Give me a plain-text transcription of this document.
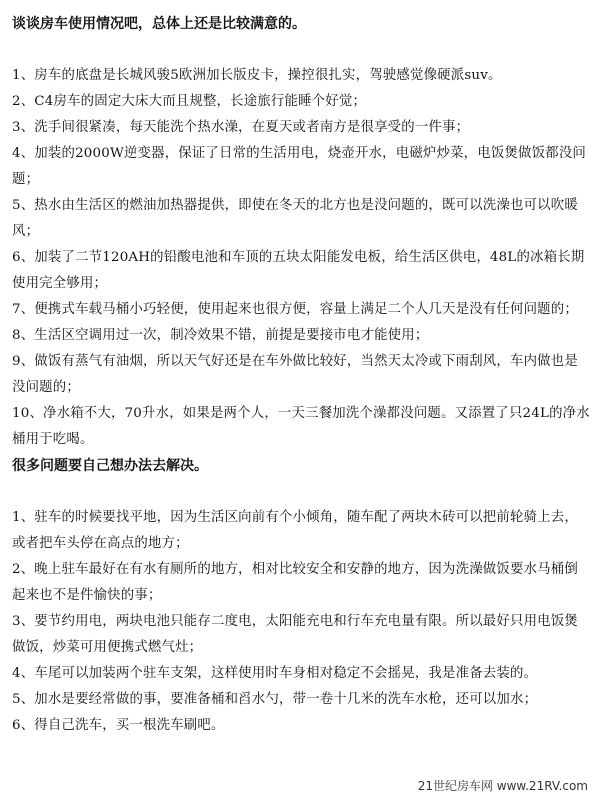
谈谈房车使用情况吧，总体上还是比较满意的。

1、房车的底盘是长城风骏5欧洲加长版皮卡，操控很扎实，驾驶感觉像硬派suv。
2、C4房车的固定大床大而且规整，长途旅行能睡个好觉；
3、洗手间很紧凑，每天能洗个热水澡，在夏天或者南方是很享受的一件事；
4、加装的2000W逆变器，保证了日常的生活用电，烧壶开水，电磁炉炒菜，电饭煲做饭都没问题；
5、热水由生活区的燃油加热器提供，即使在冬天的北方也是没问题的，既可以洗澡也可以吹暖风；
6、加装了二节120AH的铅酸电池和车顶的五块太阳能发电板，给生活区供电，48L的冰箱长期使用完全够用；
7、便携式车载马桶小巧轻便，使用起来也很方便，容量上满足二个人几天是没有任何问题的；
8、生活区空调用过一次，制冷效果不错，前提是要接市电才能使用；
9、做饭有蒸气有油烟，所以天气好还是在车外做比较好，当然天太冷或下雨刮风，车内做也是没问题的；
10、净水箱不大，70升水，如果是两个人，一天三餐加洗个澡都没问题。又添置了只24L的净水桶用于吃喝。

很多问题要自己想办法去解决。

1、驻车的时候要找平地，因为生活区向前有个小倾角，随车配了两块木砖可以把前轮骑上去，或者把车头停在高点的地方；
2、晚上驻车最好在有水有厕所的地方，相对比较安全和安静的地方，因为洗澡做饭要水马桶倒起来也不是件愉快的事；
3、要节约用电，两块电池只能存二度电，太阳能充电和行车充电量有限。所以最好只用电饭煲做饭，炒菜可用便携式燃气灶；
4、车尾可以加装两个驻车支架，这样使用时车身相对稳定不会摇晃，我是准备去装的。
5、加水是要经常做的事，要准备桶和舀水勺，带一卷十几米的洗车水枪，还可以加水；
6、得自己洗车，买一根洗车刷吧。
21世纪房车网 www.21RV.com
